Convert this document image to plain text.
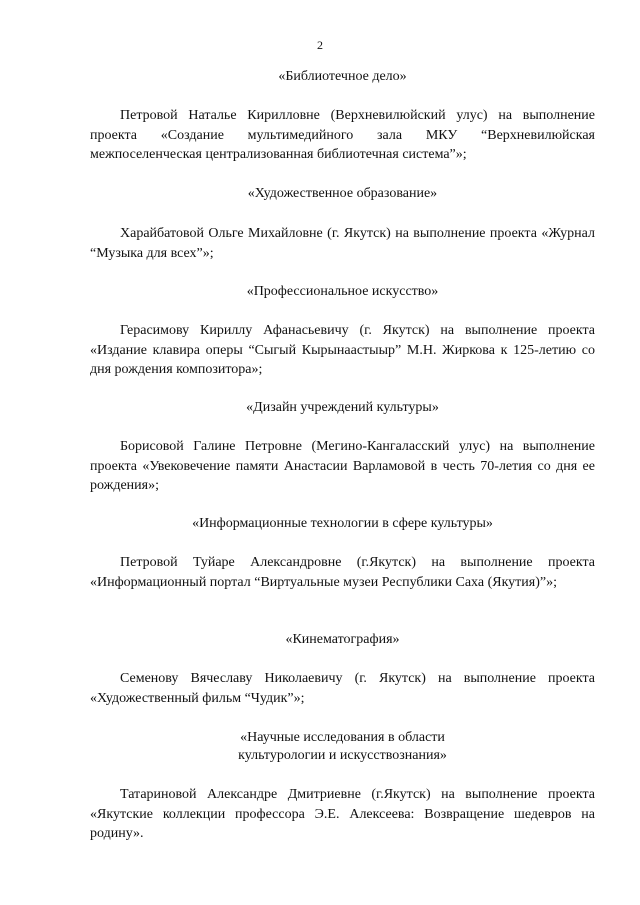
2
«Библиотечное дело»
Петровой Наталье Кирилловне (Верхневилюйский улус) на выполнение проекта «Создание мультимедийного зала МКУ “Верхневилюйская межпоселенческая централизованная библиотечная система”»;
«Художественное образование»
Харайбатовой Ольге Михайловне (г. Якутск) на выполнение проекта «Журнал “Музыка для всех”»;
«Профессиональное искусство»
Герасимову Кириллу Афанасьевичу (г. Якутск) на выполнение проекта «Издание клавира оперы “Сыгый Кырынаастыыр” М.Н. Жиркова к 125-летию со дня рождения композитора»;
«Дизайн учреждений культуры»
Борисовой Галине Петровне (Мегино-Кангаласский улус) на выполнение проекта «Увековечение памяти Анастасии Варламовой в честь 70-летия со дня ее рождения»;
«Информационные технологии в сфере культуры»
Петровой Туйаре Александровне (г.Якутск) на выполнение проекта «Информационный портал “Виртуальные музеи Республики Саха (Якутия)”»;
«Кинематография»
Семенову Вячеславу Николаевичу (г. Якутск) на выполнение проекта «Художественный фильм “Чудик”»;
«Научные исследования в области
культурологии и искусствознания»
Татариновой Александре Дмитриевне (г.Якутск) на выполнение проекта «Якутские коллекции профессора Э.Е. Алексеева: Возвращение шедевров на родину».
